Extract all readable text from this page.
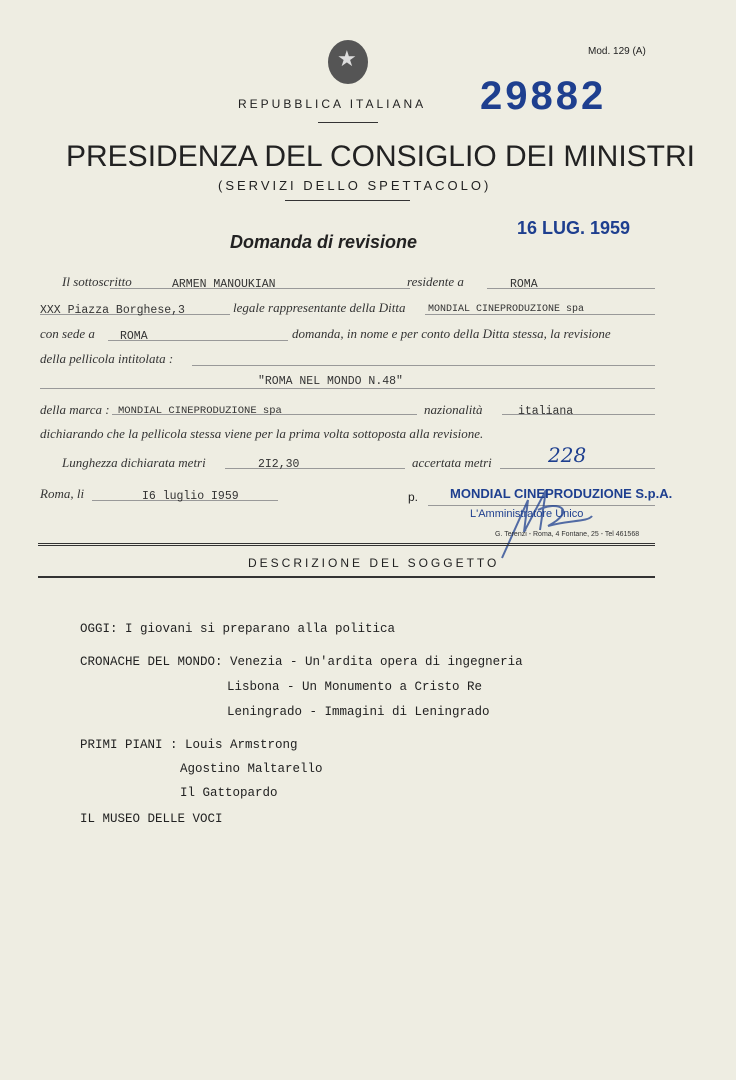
★
Mod. 129 (A)
REPUBBLICA ITALIANA 29882
PRESIDENZA DEL CONSIGLIO DEI MINISTRI
(SERVIZI DELLO SPETTACOLO)
16 LUG. 1959
Domanda di revisione
Il sottoscritto	ARMEN MANOUKIAN	residente a	ROMA
XXX Piazza Borghese,3	legale rappresentante della Ditta MONDIAL CINEPRODUZIONE spa
con sede a ROMA	domanda, in nome e per conto della Ditta stessa, la revisione
della pellicola intitolata :
"ROMA NEL MONDO N.48"
della marca : MONDIAL CINEPRODUZIONE spa	nazionalità	italiana
dichiarando che la pellicola stessa viene per la prima volta sottoposta alla revisione.
Lunghezza dichiarata metri	2I2,30	accertata metri	228
Roma, li	I6 luglio I959	p. MONDIAL CINEPRODUZIONE S.p.A.
L'Amministratore Unico
G. Terenzi - Roma, 4 Fontane, 25 - Tel 461568
DESCRIZIONE DEL SOGGETTO
OGGI: I giovani si preparano alla politica
CRONACHE DEL MONDO: Venezia - Un'ardita opera di ingegneria
Lisbona - Un Monumento a Cristo Re
Leningrado - Immagini di Leningrado
PRIMI PIANI : Louis Armstrong
Agostino Maltarello
Il Gattopardo
IL MUSEO DELLE VOCI
